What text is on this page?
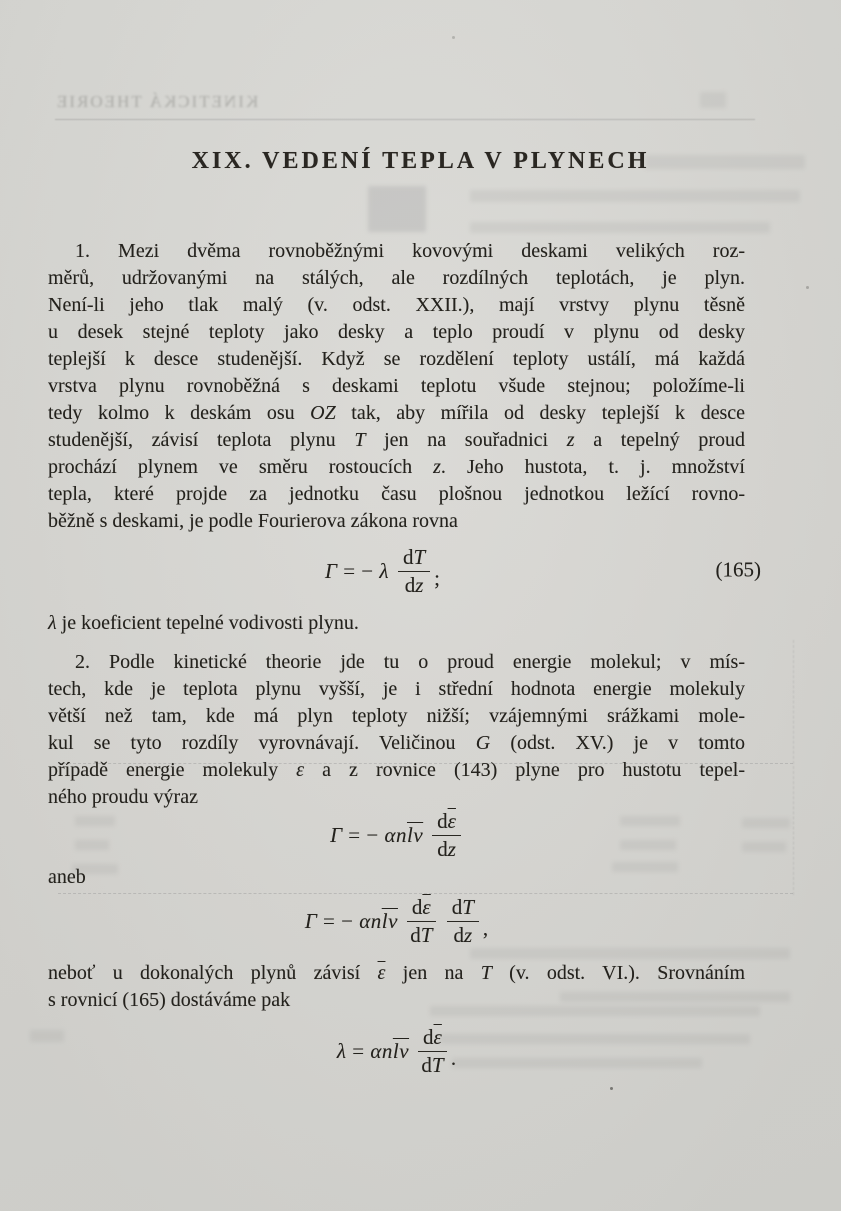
KINETICKÁ THEORIE
XIX. VEDENÍ TEPLA V PLYNECH
1. Mezi dvěma rovnoběžnými kovovými deskami velikých roz-
měrů, udržovanými na stálých, ale rozdílných teplotách, je plyn.
Není-li jeho tlak malý (v. odst. XXII.), mají vrstvy plynu těsně
u desek stejné teploty jako desky a teplo proudí v plynu od desky
teplejší k desce studenější. Když se rozdělení teploty ustálí, má každá
vrstva plynu rovnoběžná s deskami teplotu všude stejnou; položíme-li
tedy kolmo k deskám osu OZ tak, aby mířila od desky teplejší k desce
studenější, závisí teplota plynu T jen na souřadnici z a tepelný proud
prochází plynem ve směru rostoucích z. Jeho hustota, t. j. množství
tepla, které projde za jednotku času plošnou jednotkou ležící rovno-
běžně s deskami, je podle Fourierova zákona rovna
Γ = − λ $\frac{dT}{dz}$ ;	(165)
λ je koeficient tepelné vodivosti plynu.
2. Podle kinetické theorie jde tu o proud energie molekul; v mís-
tech, kde je teplota plynu vyšší, je i střední hodnota energie molekuly
větší než tam, kde má plyn teploty nižší; vzájemnými srážkami mole-
kul se tyto rozdíly vyrovnávají. Veličinou G (odst. XV.) je v tomto
případě energie molekuly ε a z rovnice (143) plyne pro hustotu tepel-
ného proudu výraz
Γ = − $\alpha n\overline{lv} \frac{d\overline{\varepsilon}}{dz}$
aneb
Γ = − $\alpha n\overline{lv} \frac{d\overline{\varepsilon}}{dT} \frac{dT}{dz}$ ,
neboť u dokonalých plynů závisí $\overline{\varepsilon}$ jen na T (v. odst. VI.). Srovnáním
s rovnicí (165) dostáváme pak
$\lambda = \alpha n\overline{lv} \frac{d\overline{\varepsilon}}{dT}$ .
